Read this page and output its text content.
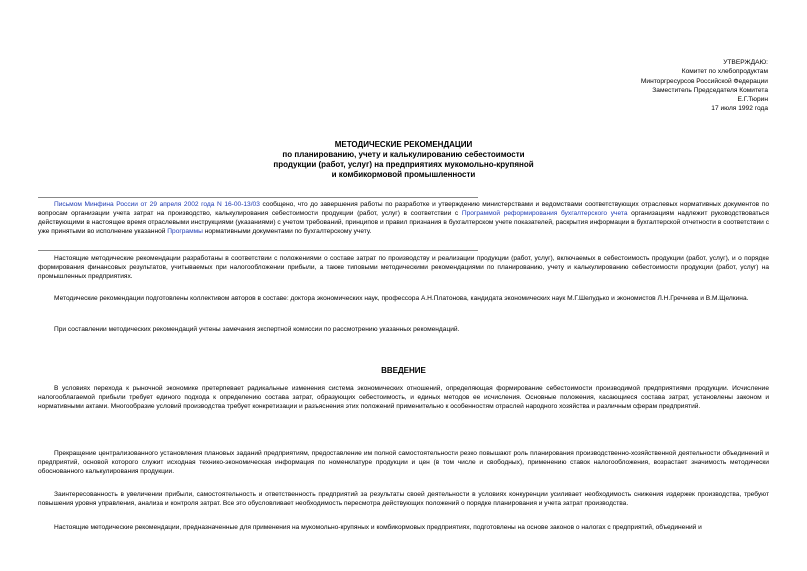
УТВЕРЖДАЮ:
Комитет по хлебопродуктам
Минторгресурсов Российской Федерации
Заместитель Председателя Комитета
Е.Г.Тюрин
17 июля 1992 года
МЕТОДИЧЕСКИЕ РЕКОМЕНДАЦИИ
по планированию, учету и калькулированию себестоимости
продукции (работ, услуг) на предприятиях мукомольно-крупяной
и комбикормовой промышленности
Письмом Минфина России от 29 апреля 2002 года N 16-00-13/03 сообщено, что до завершения работы по разработке и утверждению министерствами и ведомствами соответствующих отраслевых нормативных документов по вопросам организации учета затрат на производство, калькулирования себестоимости продукции (работ, услуг) в соответствии с Программой реформирования бухгалтерского учета организациям надлежит руководствоваться действующими в настоящее время отраслевыми инструкциями (указаниями) с учетом требований, принципов и правил признания в бухгалтерском учете показателей, раскрытия информации в бухгалтерской отчетности в соответствии с уже принятыми во исполнение указанной Программы нормативными документами по бухгалтерскому учету.
Настоящие методические рекомендации разработаны в соответствии с положениями о составе затрат по производству и реализации продукции (работ, услуг), включаемых в себестоимость продукции (работ, услуг), и о порядке формирования финансовых результатов, учитываемых при налогообложении прибыли, а также типовыми методическими рекомендациями по планированию, учету и калькулированию себестоимости продукции (работ, услуг) на промышленных предприятиях.
Методические рекомендации подготовлены коллективом авторов в составе: доктора экономических наук, профессора А.Н.Платонова, кандидата экономических наук М.Г.Шелудько и экономистов Л.Н.Гречнева и В.М.Щелкина.
При составлении методических рекомендаций учтены замечания экспертной комиссии по рассмотрению указанных рекомендаций.
ВВЕДЕНИЕ
В условиях перехода к рыночной экономике претерпевает радикальные изменения система экономических отношений, определяющая формирование себестоимости производимой предприятиями продукции. Исчисление налогооблагаемой прибыли требует единого подхода к определению состава затрат, образующих себестоимость, и единых методов ее исчисления. Основные положения, касающиеся состава затрат, установлены законом и нормативными актами. Многообразие условий производства требует конкретизации и разъяснения этих положений применительно к особенностям отраслей народного хозяйства и различным сферам предприятий.
Прекращение централизованного установления плановых заданий предприятиям, предоставление им полной самостоятельности резко повышают роль планирования производственно-хозяйственной деятельности объединений и предприятий, основой которого служит исходная технико-экономическая информация по номенклатуре продукции и цен (в том числе и свободных), применению ставок налогообложения, возрастает значимость методически обоснованного калькулирования продукции.
Заинтересованность в увеличении прибыли, самостоятельность и ответственность предприятий за результаты своей деятельности в условиях конкуренции усиливает необходимость снижения издержек производства, требуют повышения уровня управления, анализа и контроля затрат. Все это обусловливает необходимость пересмотра действующих положений о порядке планирования и учета затрат производства.
Настоящие методические рекомендации, предназначенные для применения на мукомольно-крупяных и комбикормовых предприятиях, подготовлены на основе законов о налогах с предприятий, объединений и
